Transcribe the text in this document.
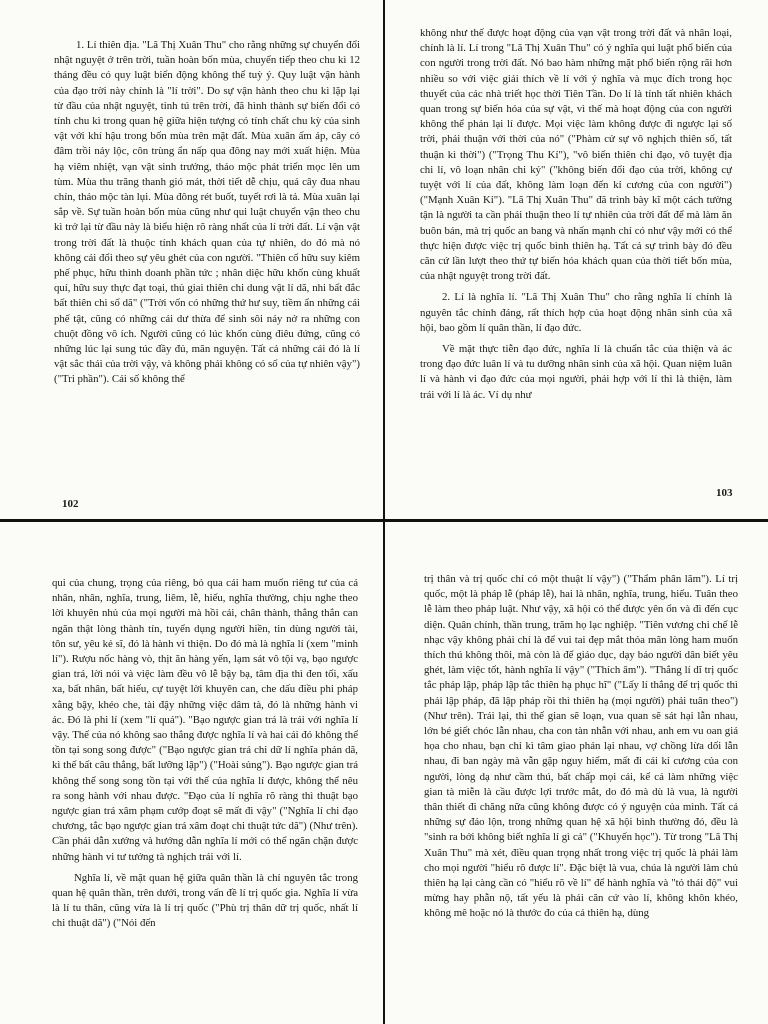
1. Lí thiên địa. "Lã Thị Xuân Thu" cho rằng những sự chuyển đổi nhật nguyệt ở trên trời, tuần hoàn bốn mùa, chuyển tiếp theo chu kì 12 tháng đều có quy luật biến động không thể tuỳ ý. Quy luật vận hành của đạo trời này chính là "lí trời". Do sự vận hành theo chu kì lặp lại từ đầu của nhật nguyệt, tinh tú trên trời, đã hình thành sự biến đổi có tính chu kì trong quan hệ giữa hiện tượng có tính chất chu kỳ của sinh vật với khí hậu trong bốn mùa trên mặt đất. Mùa xuân ấm áp, cây cỏ đâm trồi nảy lộc, côn trùng ẩn nấp qua đông nay mới xuất hiện. Mùa hạ viêm nhiệt, vạn vật sinh trưởng, thảo mộc phát triển mọc lên um tùm. Mùa thu trăng thanh gió mát, thời tiết dễ chịu, quả cây đua nhau chín, thảo mộc tàn lụi. Mùa đông rét buốt, tuyết rơi là tả. Mùa xuân lại sắp về. Sự tuần hoàn bốn mùa cũng như qui luật chuyển vận theo chu kì trở lại từ đầu này là biểu hiện rõ ràng nhất của lí trời đất. Lí vận vật trong trời đất là thuộc tính khách quan của tự nhiên, do đó mà nó không cải đổi theo sự yêu ghét của con người. "Thiên cố hữu suy kiêm phế phục, hữu thình doanh phần tức ; nhân diệc hữu khốn cùng khuất quí, hữu suy thực đạt toại, thủ giai thiên chi dung vật lí dã, nhi bất đắc bất thiên chi số dã" ("Trời vốn có những thứ hư suy, tiềm ẩn những cái phế tật, cũng có những cái dư thừa để sinh sôi nảy nở ra những con chuột đồng vô ích. Người cũng có lúc khốn cùng điêu đứng, cũng có những lúc lại sung túc đầy đủ, mãn nguyện. Tất cả những cái đó là lí vật sắc thái của trời vậy, và không phải không có số của tự nhiên vậy") ("Tri phần"). Cái số không thể

102

không như thế được hoạt động của vạn vật trong trời đất và nhân loại, chính là lí. Lí trong "Lã Thị Xuân Thu" có ý nghĩa qui luật phổ biến của con người trong trời đất. Nó bao hàm những mặt phổ biến rộng rãi hơn nhiều so với việc giải thích về lí với ý nghĩa và mục đích trong học thuyết của các nhà triết học thời Tiên Tần. Do lí là tính tất nhiên khách quan trong sự biến hóa của sự vật, vì thế mà hoạt động của con người không thể phản lại lí được. Mọi việc làm không được đi ngược lại số trời, phải thuận với thời của nó" ("Phàm cử sự vô nghịch thiên số, tất thuận kì thời") ("Trọng Thu Kỉ"), "vô biến thiên chi đạo, vô tuyệt địa chi lí, vô loạn nhân chi kỷ" ("không biến đổi đạo của trời, không cự tuyệt với lí của đất, không làm loạn đến kỉ cương của con người") ("Mạnh Xuân Kỉ"). "Lã Thị Xuân Thu" đã trình bày kĩ một cách tường tận là người ta cần phải thuận theo lí tự nhiên của trời đất để mà làm ăn buôn bán, mà trị quốc an bang và nhấn mạnh chỉ có như vậy mới có thể thực hiện được việc trị quốc bình thiên hạ. Tất cả sự trình bày đó đều căn cứ lần lượt theo thứ tự biến hóa khách quan của thời tiết bốn mùa, của nhật nguyệt trong trời đất.

2. Lí là nghĩa lí. "Lã Thị Xuân Thu" cho rằng nghĩa lí chính là nguyên tắc chính đáng, rất thích hợp của hoạt động nhân sinh của xã hội, bao gồm lí quân thần, lí đạo đức.

Về mặt thực tiễn đạo đức, nghĩa lí là chuẩn tắc của thiện và ác trong đạo đức luân lí và tu dưỡng nhân sinh của xã hội. Quan niệm luân lí và hành vi đạo đức của mọi người, phải hợp với lí thì là thiện, làm trái với lí là ác. Ví dụ như

103

qui của chung, trọng của riêng, bỏ qua cái ham muốn riêng tư của cá nhân, nhân, nghĩa, trung, liêm, lễ, hiếu, nghĩa thường, chịu nghe theo lời khuyên nhủ của mọi người mà hồi cải, chân thành, thẳng thắn can ngăn thật lòng thành tín, tuyển dụng người hiền, tin dùng người tài, tôn sư, yêu kẻ sĩ, đó là hành vi thiện. Do đó mà là nghĩa lí (xem "minh lí"). Rượu nốc hàng vò, thịt ăn hàng yến, lạm sát vô tội vạ, bạo ngược gian trá, lời nói và việc làm đều vô lễ bậy bạ, tâm địa thì đen tối, xấu xa, bất nhân, bất hiếu, cự tuyệt lời khuyên can, che dấu điều phi pháp xằng bậy, khéo che, tài đậy những việc dâm tà, đó là những hành vi ác. Đó là phi lí (xem "lí quá"). "Bạo ngược gian trá là trái với nghĩa lí vậy. Thế của nó không sao thắng được nghĩa lí và hai cái đó không thể tồn tại song song được" ("Bạo ngược gian trá chi dữ lí nghĩa phản dã, kì thế bất câu thắng, bất lưỡng lập") ("Hoài sủng"). Bạo ngược gian trá không thể song song tồn tại với thế của nghĩa lí được, không thể nêu ra song hành với nhau được. "Đạo của lí nghĩa rõ ràng thì thuật bạo ngược gian trá xâm phạm cướp đoạt sẽ mất đi vậy" ("Nghĩa lí chi đạo chương, tắc bạo ngược gian trá xâm đoạt chi thuật tức dã") (Như trên). Cần phải dẫn xướng và hướng dẫn nghĩa lí mới có thể ngăn chặn được những hành vi tư tưởng tà nghịch trái với lí.

Nghĩa lí, về mặt quan hệ giữa quân thần là chỉ nguyên tắc trong quan hệ quân thần, trên dưới, trong vấn đề lí trị quốc gia. Nghĩa lí vừa là lí tu thân, cũng vừa là lí trị quốc ("Phù trị thân dữ trị quốc, nhất lí chi thuật dã") ("Nói đến

trị thân và trị quốc chỉ có một thuật lí vậy") ("Thẩm phân lãm"). Lí trị quốc, một là pháp lễ (pháp lễ), hai là nhân, nghĩa, trung, hiếu. Tuân theo lễ làm theo pháp luật. Như vậy, xã hội có thể được yên ổn và đi đến cục diện. Quân chính, thần trung, trăm họ lạc nghiệp. "Tiên vương chi chế lễ nhạc vậy không phải chỉ là để vui tai đẹp mắt thỏa mãn lòng ham muốn thích thú không thôi, mà còn là để giáo dục, dạy bảo người dân biết yêu ghét, làm việc tốt, hành nghĩa lí vậy" ("Thích âm"). "Thắng lí dĩ trị quốc tắc pháp lập, pháp lập tắc thiên hạ phục hĩ" ("Lấy lí thắng để trị quốc thì phải lập pháp, đã lập pháp rồi thì thiên hạ (mọi người) phải tuân theo") (Như trên). Trái lại, thì thế gian sẽ loạn, vua quan sẽ sát hại lẫn nhau, lớn bé giết chóc lẫn nhau, cha con tàn nhẫn với nhau, anh em vu oan giá họa cho nhau, bạn chỉ kì tâm giao phản lại nhau, vợ chồng lừa dối lẫn nhau, đi ban ngày mà vẫn gặp nguy hiểm, mất đi cái kỉ cương của con người, lòng dạ như cầm thú, bất chấp mọi cái, kể cả làm những việc gian tà miễn là cầu được lợi trước mắt, do đó mà dù là vua, là người thân thiết đi chăng nữa cũng không được có ý nguyện của mình. Tất cả những sự đảo lộn, trong những quan hệ xã hội bình thường đó, đều là "sinh ra bởi không biết nghĩa lí gì cả" ("Khuyến học"). Từ trong "Lã Thị Xuân Thu" mà xét, điều quan trọng nhất trong việc trị quốc là phải làm cho mọi người "hiểu rõ được lí". Đặc biệt là vua, chúa là người làm chủ thiên hạ lại càng cần có "hiểu rõ về lí" để hành nghĩa và "tỏ thái độ" vui mừng hay phẫn nộ, tất yếu là phải căn cứ vào lí, không khôn khéo, không mê hoặc nó là thước đo của cả thiên hạ, dùng
